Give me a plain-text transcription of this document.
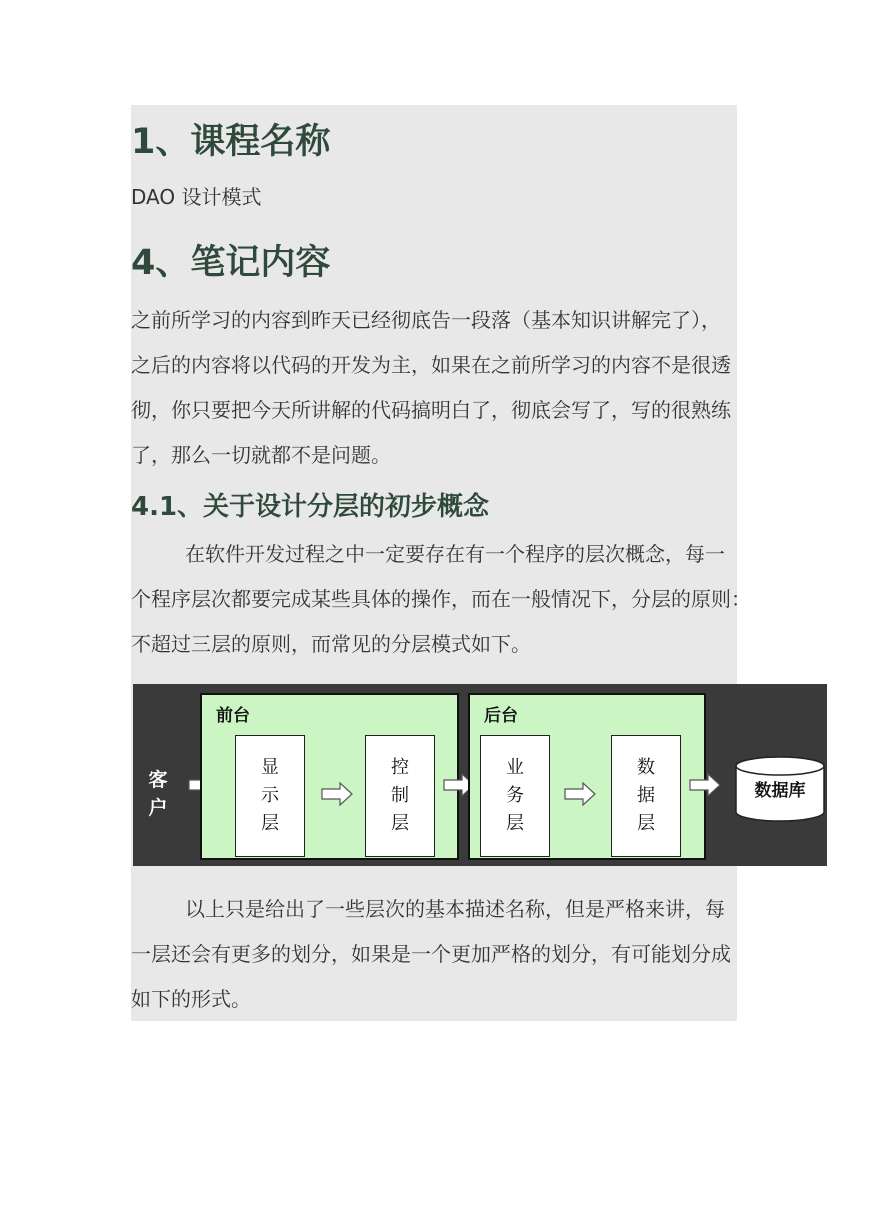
1、课程名称
DAO 设计模式
4、笔记内容
之前所学习的内容到昨天已经彻底告一段落（基本知识讲解完了），
之后的内容将以代码的开发为主，如果在之前所学习的内容不是很透
彻，你只要把今天所讲解的代码搞明白了，彻底会写了，写的很熟练
了，那么一切就都不是问题。
4.1、关于设计分层的初步概念
在软件开发过程之中一定要存在有一个程序的层次概念，每一
个程序层次都要完成某些具体的操作，而在一般情况下，分层的原则：
不超过三层的原则，而常见的分层模式如下。
客
户
前台
显
示
层
控
制
层
后台
业
务
层
数
据
层
数据库
以上只是给出了一些层次的基本描述名称，但是严格来讲，每
一层还会有更多的划分，如果是一个更加严格的划分，有可能划分成
如下的形式。
